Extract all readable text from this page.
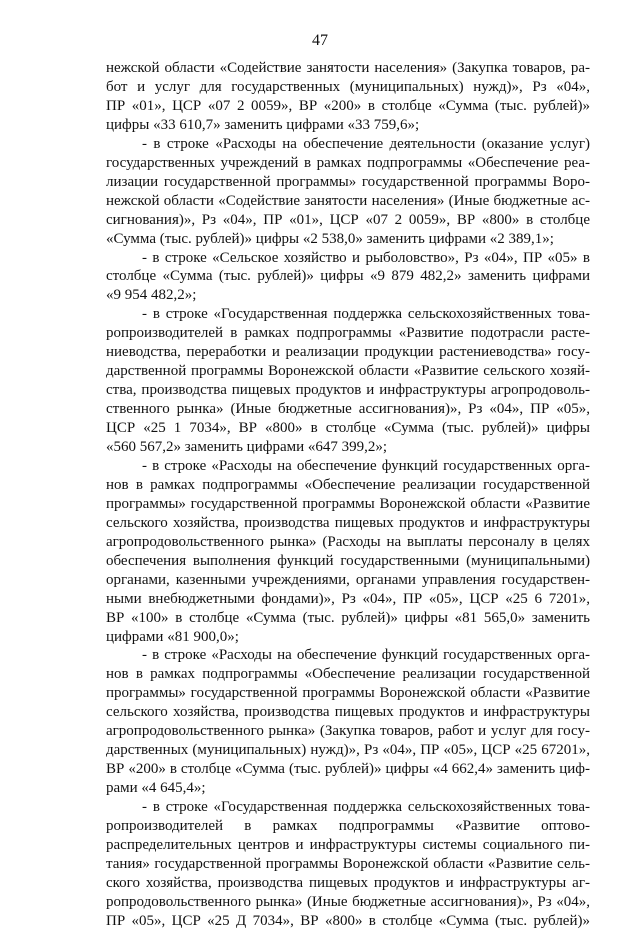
47
нежской области «Содействие занятости населения» (Закупка товаров, ра-
бот и услуг для государственных (муниципальных) нужд)», Рз «04»,
ПР «01», ЦСР «07 2 0059», ВР «200» в столбце «Сумма (тыс. рублей)»
цифры «33 610,7» заменить цифрами «33 759,6»;
- в строке «Расходы на обеспечение деятельности (оказание услуг)
государственных учреждений в рамках подпрограммы «Обеспечение реа-
лизации государственной программы» государственной программы Воро-
нежской области «Содействие занятости населения» (Иные бюджетные ас-
сигнования)», Рз «04», ПР «01», ЦСР «07 2 0059», ВР «800» в столбце
«Сумма (тыс. рублей)» цифры «2 538,0» заменить цифрами «2 389,1»;
- в строке «Сельское хозяйство и рыболовство», Рз «04», ПР «05» в
столбце «Сумма (тыс. рублей)» цифры «9 879 482,2» заменить цифрами
«9 954 482,2»;
- в строке «Государственная поддержка сельскохозяйственных това-
ропроизводителей в рамках подпрограммы «Развитие подотрасли расте-
ниеводства, переработки и реализации продукции растениеводства» госу-
дарственной программы Воронежской области «Развитие сельского хозяй-
ства, производства пищевых продуктов и инфраструктуры агропродоволь-
ственного рынка» (Иные бюджетные ассигнования)», Рз «04», ПР «05»,
ЦСР «25 1 7034», ВР «800» в столбце «Сумма (тыс. рублей)» цифры
«560 567,2» заменить цифрами «647 399,2»;
- в строке «Расходы на обеспечение функций государственных орга-
нов в рамках подпрограммы «Обеспечение реализации государственной
программы» государственной программы Воронежской области «Развитие
сельского хозяйства, производства пищевых продуктов и инфраструктуры
агропродовольственного рынка» (Расходы на выплаты персоналу в целях
обеспечения выполнения функций государственными (муниципальными)
органами, казенными учреждениями, органами управления государствен-
ными внебюджетными фондами)», Рз «04», ПР «05», ЦСР «25 6 7201»,
ВР «100» в столбце «Сумма (тыс. рублей)» цифры «81 565,0» заменить
цифрами «81 900,0»;
- в строке «Расходы на обеспечение функций государственных орга-
нов в рамках подпрограммы «Обеспечение реализации государственной
программы» государственной программы Воронежской области «Развитие
сельского хозяйства, производства пищевых продуктов и инфраструктуры
агропродовольственного рынка» (Закупка товаров, работ и услуг для госу-
дарственных (муниципальных) нужд)», Рз «04», ПР «05», ЦСР «25 67201»,
ВР «200» в столбце «Сумма (тыс. рублей)» цифры «4 662,4» заменить циф-
рами «4 645,4»;
- в строке «Государственная поддержка сельскохозяйственных това-
ропроизводителей в рамках подпрограммы «Развитие оптово-
распределительных центров и инфраструктуры системы социального пи-
тания» государственной программы Воронежской области «Развитие сель-
ского хозяйства, производства пищевых продуктов и инфраструктуры аг-
ропродовольственного рынка» (Иные бюджетные ассигнования)», Рз «04»,
ПР «05», ЦСР «25 Д 7034», ВР «800» в столбце «Сумма (тыс. рублей)»
